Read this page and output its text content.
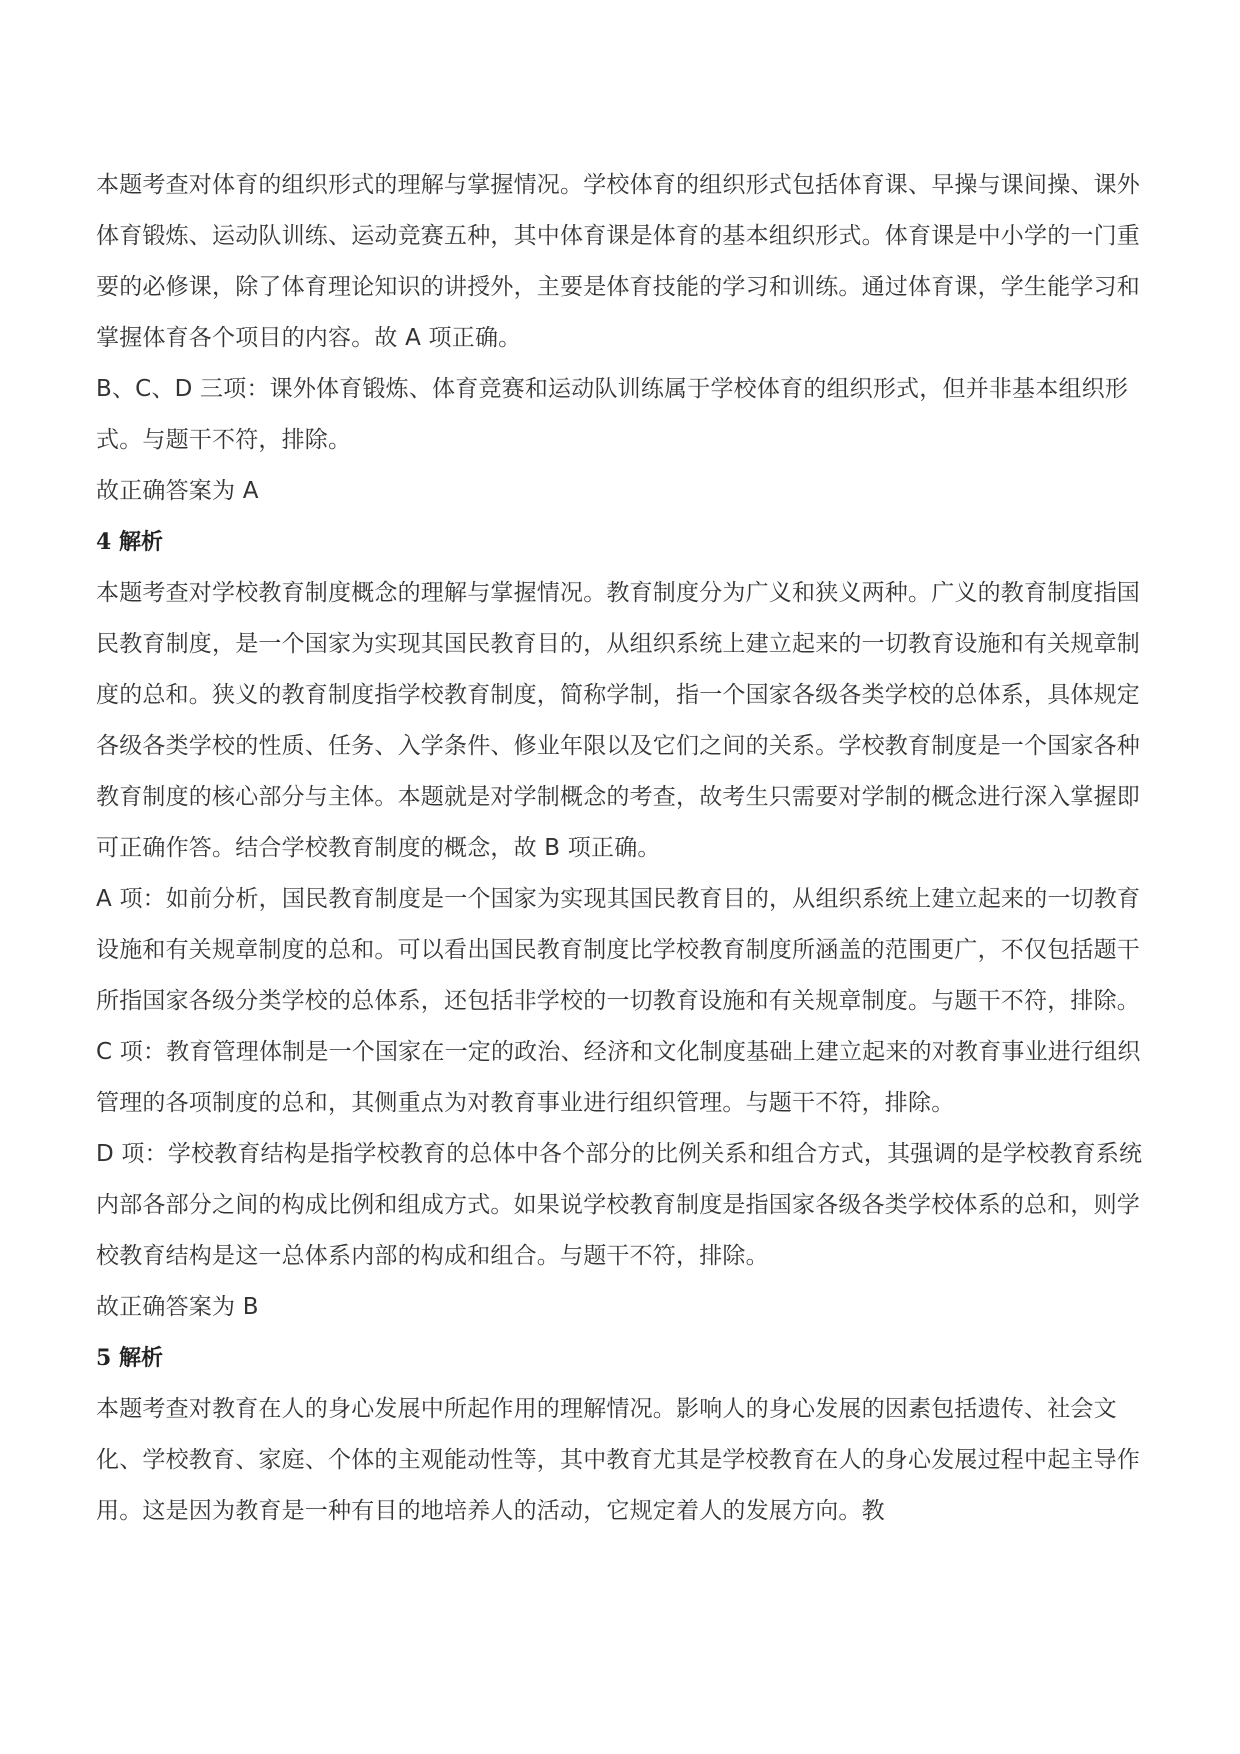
本题考查对体育的组织形式的理解与掌握情况。学校体育的组织形式包括体育课、早操与课间操、课外体育锻炼、运动队训练、运动竞赛五种，其中体育课是体育的基本组织形式。体育课是中小学的一门重要的必修课，除了体育理论知识的讲授外，主要是体育技能的学习和训练。通过体育课，学生能学习和掌握体育各个项目的内容。故 A 项正确。

B、C、D 三项：课外体育锻炼、体育竞赛和运动队训练属于学校体育的组织形式，但并非基本组织形式。与题干不符，排除。

故正确答案为 A

4 解析

本题考查对学校教育制度概念的理解与掌握情况。教育制度分为广义和狭义两种。广义的教育制度指国民教育制度，是一个国家为实现其国民教育目的，从组织系统上建立起来的一切教育设施和有关规章制度的总和。狭义的教育制度指学校教育制度，简称学制，指一个国家各级各类学校的总体系，具体规定各级各类学校的性质、任务、入学条件、修业年限以及它们之间的关系。学校教育制度是一个国家各种教育制度的核心部分与主体。本题就是对学制概念的考查，故考生只需要对学制的概念进行深入掌握即可正确作答。结合学校教育制度的概念，故 B 项正确。

A 项：如前分析，国民教育制度是一个国家为实现其国民教育目的，从组织系统上建立起来的一切教育设施和有关规章制度的总和。可以看出国民教育制度比学校教育制度所涵盖的范围更广，不仅包括题干所指国家各级分类学校的总体系，还包括非学校的一切教育设施和有关规章制度。与题干不符，排除。

C 项：教育管理体制是一个国家在一定的政治、经济和文化制度基础上建立起来的对教育事业进行组织管理的各项制度的总和，其侧重点为对教育事业进行组织管理。与题干不符，排除。

D 项：学校教育结构是指学校教育的总体中各个部分的比例关系和组合方式，其强调的是学校教育系统内部各部分之间的构成比例和组成方式。如果说学校教育制度是指国家各级各类学校体系的总和，则学校教育结构是这一总体系内部的构成和组合。与题干不符，排除。

故正确答案为 B

5 解析

本题考查对教育在人的身心发展中所起作用的理解情况。影响人的身心发展的因素包括遗传、社会文化、学校教育、家庭、个体的主观能动性等，其中教育尤其是学校教育在人的身心发展过程中起主导作用。这是因为教育是一种有目的地培养人的活动，它规定着人的发展方向。教
